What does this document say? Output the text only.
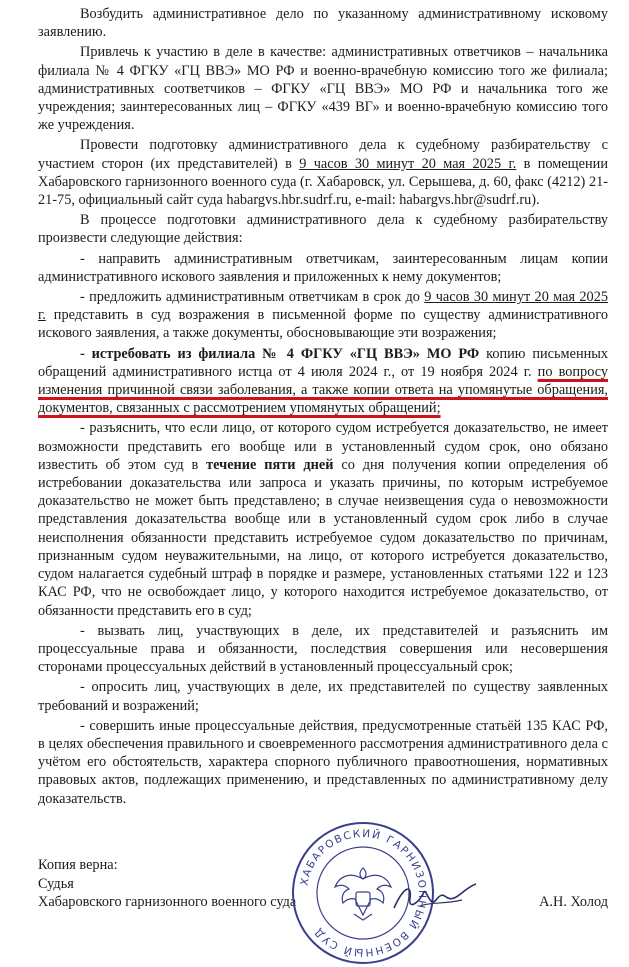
Возбудить административное дело по указанному административному исковому заявлению.

Привлечь к участию в деле в качестве: административных ответчиков – начальника филиала № 4 ФГКУ «ГЦ ВВЭ» МО РФ и военно-врачебную комиссию того же филиала; административных соответчиков – ФГКУ «ГЦ ВВЭ» МО РФ и начальника того же учреждения; заинтересованных лиц – ФГКУ «439 ВГ» и военно-врачебную комиссию того же учреждения.

Провести подготовку административного дела к судебному разбирательству с участием сторон (их представителей) в 9 часов 30 минут 20 мая 2025 г. в помещении Хабаровского гарнизонного военного суда (г. Хабаровск, ул. Серышева, д. 60, факс (4212) 21-21-75, официальный сайт суда habargvs.hbr.sudrf.ru, e-mail: habargvs.hbr@sudrf.ru).

В процессе подготовки административного дела к судебному разбирательству произвести следующие действия:

- направить административным ответчикам, заинтересованным лицам копии административного искового заявления и приложенных к нему документов;

- предложить административным ответчикам в срок до 9 часов 30 минут 20 мая 2025 г. представить в суд возражения в письменной форме по существу административного искового заявления, а также документы, обосновывающие эти возражения;

- истребовать из филиала № 4 ФГКУ «ГЦ ВВЭ» МО РФ копию письменных обращений административного истца от 4 июля 2024 г., от 19 ноября 2024 г. по вопросу изменения причинной связи заболевания, а также копии ответа на упомянутые обращения, документов, связанных с рассмотрением упомянутых обращений;

- разъяснить, что если лицо, от которого судом истребуется доказательство, не имеет возможности представить его вообще или в установленный судом срок, оно обязано известить об этом суд в течение пяти дней со дня получения копии определения об истребовании доказательства или запроса и указать причины, по которым истребуемое доказательство не может быть представлено; в случае неизвещения суда о невозможности представления доказательства вообще или в установленный судом срок либо в случае неисполнения обязанности представить истребуемое судом доказательство по причинам, признанным судом неуважительными, на лицо, от которого истребуется доказательство, судом налагается судебный штраф в порядке и размере, установленных статьями 122 и 123 КАС РФ, что не освобождает лицо, у которого находится истребуемое доказательство, от обязанности представить его в суд;

- вызвать лиц, участвующих в деле, их представителей и разъяснить им процессуальные права и обязанности, последствия совершения или несовершения сторонами процессуальных действий в установленный процессуальный срок;

- опросить лиц, участвующих в деле, их представителей по существу заявленных требований и возражений;

- совершить иные процессуальные действия, предусмотренные статьёй 135 КАС РФ, в целях обеспечения правильного и своевременного рассмотрения административного дела с учётом его обстоятельств, характера спорного публичного правоотношения, нормативных правовых актов, подлежащих применению, и представленных по административному делу доказательств.

Копия верна:
Судья
Хабаровского гарнизонного военного суда	А.Н. Холод
ХАБАРОВСКИЙ ГАРНИЗОННЫЙ ВОЕННЫЙ СУД
